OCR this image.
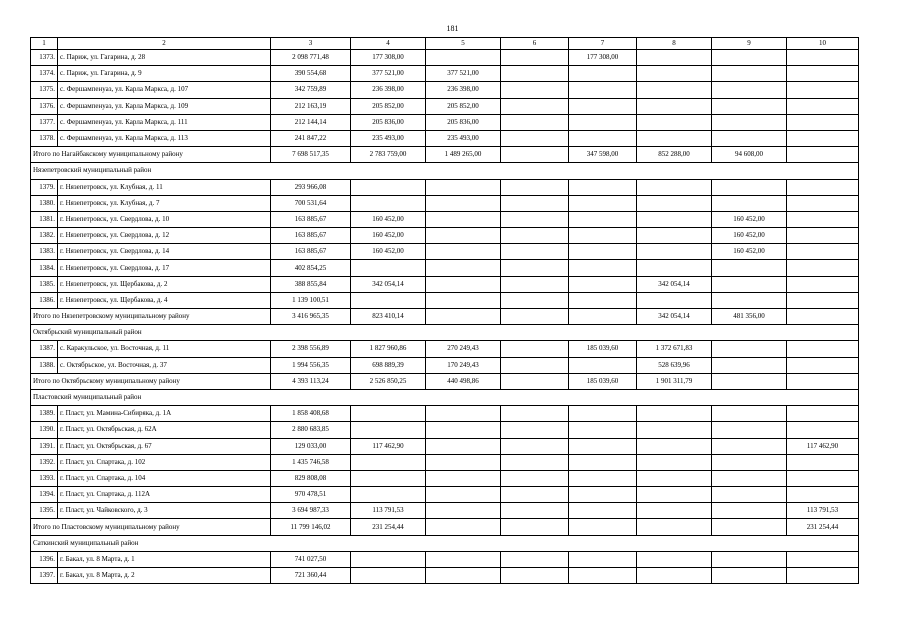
181
1	2	3	4	5	6	7	8	9	10
1373.	с. Париж, ул. Гагарина, д. 28	2 098 771,48	177 308,00			177 308,00			
1374.	с. Париж, ул. Гагарина, д. 9	390 554,68	377 521,00	377 521,00					
1375.	с. Фершампенуаз, ул. Карла Маркса, д. 107	342 759,89	236 398,00	236 398,00					
1376.	с. Фершампенуаз, ул. Карла Маркса, д. 109	212 163,19	205 852,00	205 852,00					
1377.	с. Фершампенуаз, ул. Карла Маркса, д. 111	212 144,14	205 836,00	205 836,00					
1378.	с. Фершампенуаз, ул. Карла Маркса, д. 113	241 847,22	235 493,00	235 493,00					
Итого по Нагайбакскому муниципальному району		7 698 517,35	2 783 759,00	1 489 265,00		347 598,00	852 288,00	94 608,00	
Нязепетровский муниципальный район									
1379.	г. Нязепетровск, ул. Клубная, д. 11	293 966,08							
1380.	г. Нязепетровск, ул. Клубная, д. 7	700 531,64							
1381.	г. Нязепетровск, ул. Свердлова, д. 10	163 885,67	160 452,00					160 452,00	
1382.	г. Нязепетровск, ул. Свердлова, д. 12	163 885,67	160 452,00					160 452,00	
1383.	г. Нязепетровск, ул. Свердлова, д. 14	163 885,67	160 452,00					160 452,00	
1384.	г. Нязепетровск, ул. Свердлова, д. 17	402 854,25							
1385.	г. Нязепетровск, ул. Щербакова, д. 2	388 855,84	342 054,14				342 054,14		
1386.	г. Нязепетровск, ул. Щербакова, д. 4	1 139 100,51							
Итого по Нязепетровскому муниципальному району		3 416 965,35	823 410,14				342 054,14	481 356,00	
Октябрьский муниципальный район									
1387.	с. Каракульское, ул. Восточная, д. 11	2 398 556,89	1 827 960,86	270 249,43		185 039,60	1 372 671,83		
1388.	с. Октябрьское, ул. Восточная, д. 37	1 994 556,35	698 889,39	170 249,43			528 639,96		
Итого по Октябрьскому муниципальному району		4 393 113,24	2 526 850,25	440 498,86		185 039,60	1 901 311,79		
Пластовский муниципальный район									
1389.	г. Пласт, ул. Мамина-Сибиряка, д. 1А	1 858 408,68							
1390.	г. Пласт, ул. Октябрьская, д. 62А	2 880 683,85							
1391.	г. Пласт, ул. Октябрьская, д. 67	129 033,00	117 462,90						117 462,90
1392.	г. Пласт, ул. Спартака, д. 102	1 435 746,58							
1393.	г. Пласт, ул. Спартака, д. 104	829 808,08							
1394.	г. Пласт, ул. Спартака, д. 112А	970 478,51							
1395.	г. Пласт, ул. Чайковского, д. 3	3 694 987,33	113 791,53						113 791,53
Итого по Пластовскому муниципальному району		11 799 146,02	231 254,44						231 254,44
Саткинский муниципальный район									
1396.	г. Бакал, ул. 8 Марта, д. 1	741 027,50							
1397.	г. Бакал, ул. 8 Марта, д. 2	721 360,44							
